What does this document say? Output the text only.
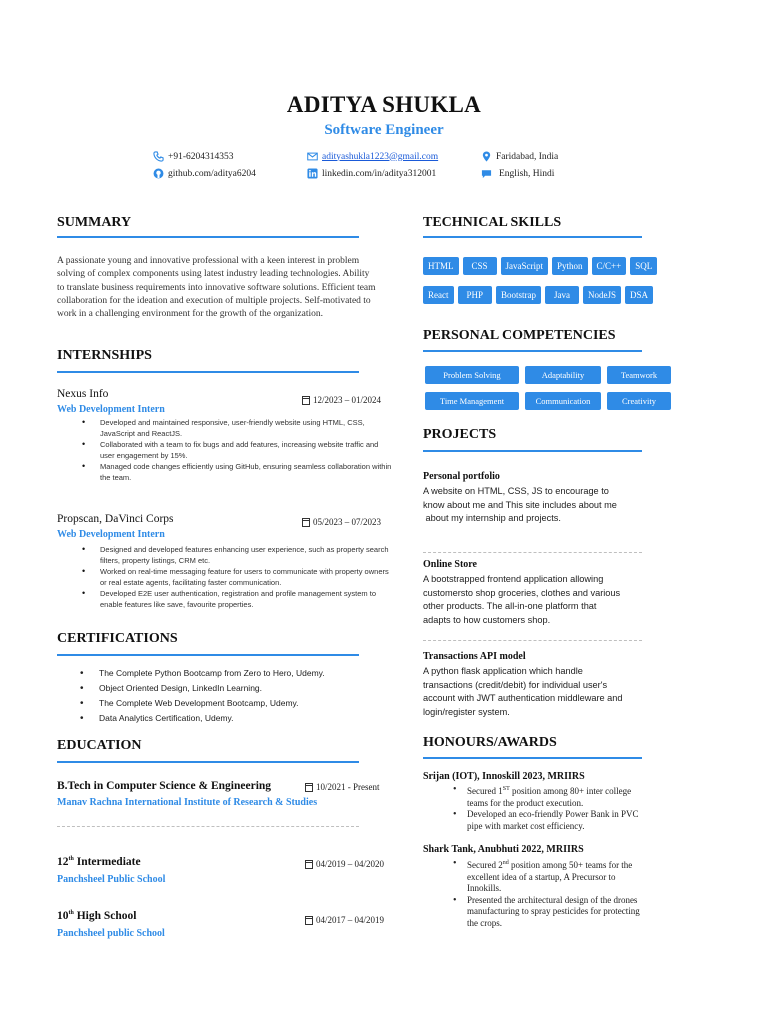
ADITYA SHUKLA
Software Engineer
+91-6204314353	adityashukla1223@gmail.com	Faridabad, India
github.com/aditya6204	linkedin.com/in/aditya312001	English, Hindi
SUMMARY
A passionate young and innovative professional with a keen interest in problem solving of complex components using latest industry leading technologies. Ability to translate business requirements into innovative software solutions. Efficient team collaboration for the ideation and execution of multiple projects. Self-motivated to work in a challenging environment for the growth of the organization.
INTERNSHIPS
Nexus Info	12/2023 – 01/2024
Web Development Intern
• Developed and maintained responsive, user-friendly website using HTML, CSS, JavaScript and ReactJS.
• Collaborated with a team to fix bugs and add features, increasing website traffic and user engagement by 15%.
• Managed code changes efficiently using GitHub, ensuring seamless collaboration within the team.
Propscan, DaVinci Corps	05/2023 – 07/2023
Web Development Intern
• Designed and developed features enhancing user experience, such as property search filters, property listings, CRM etc.
• Worked on real-time messaging feature for users to communicate with property owners or real estate agents, facilitating faster communication.
• Developed E2E user authentication, registration and profile management system to enable features like save, favourite properties.
CERTIFICATIONS
• The Complete Python Bootcamp from Zero to Hero, Udemy.
• Object Oriented Design, LinkedIn Learning.
• The Complete Web Development Bootcamp, Udemy.
• Data Analytics Certification, Udemy.
EDUCATION
B.Tech in Computer Science & Engineering	10/2021 - Present
Manav Rachna International Institute of Research & Studies
12th Intermediate	04/2019 – 04/2020
Panchsheel Public School
10th High School	04/2017 – 04/2019
Panchsheel public School
TECHNICAL SKILLS
HTML	CSS	JavaScript	Python	C/C++	SQL
React	PHP	Bootstrap	Java	NodeJS	DSA
PERSONAL COMPETENCIES
Problem Solving	Adaptability	Teamwork
Time Management	Communication	Creativity
PROJECTS
Personal portfolio
A website on HTML, CSS, JS to encourage to
know about me and This site includes about me
about my internship and projects.
Online Store
A bootstrapped frontend application allowing
customersto shop groceries, clothes and various
other products. The all-in-one platform that
adapts to how customers shop.
Transactions API model
A python flask application which handle
transactions (credit/debit) for individual user's
account with JWT authentication middleware and
login/register system.
HONOURS/AWARDS
Srijan (IOT), Innoskill 2023, MRIIRS
• Secured 1ST position among 80+ inter college teams for the product execution.
• Developed an eco-friendly Power Bank in PVC pipe with market cost efficiency.
Shark Tank, Anubhuti 2022, MRIIRS
• Secured 2nd position among 50+ teams for the excellent idea of a startup, A Precursor to Innokills.
• Presented the architectural design of the drones manufacturing to spray pesticides for protecting the crops.
